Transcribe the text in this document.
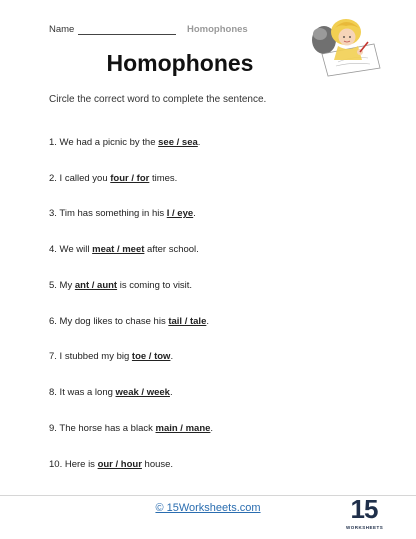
Name	Homophones
Homophones
Circle the correct word to complete the sentence.
1. We had a picnic by the see / sea.
2. I called you four / for times.
3. Tim has something in his I / eye.
4. We will meat / meet after school.
5. My ant / aunt is coming to visit.
6. My dog likes to chase his tail / tale.
7. I stubbed my big toe / tow.
8. It was a long weak / week.
9. The horse has a black main / mane.
10. Here is our / hour house.
© 15Worksheets.com	15
WORKSHEETS
